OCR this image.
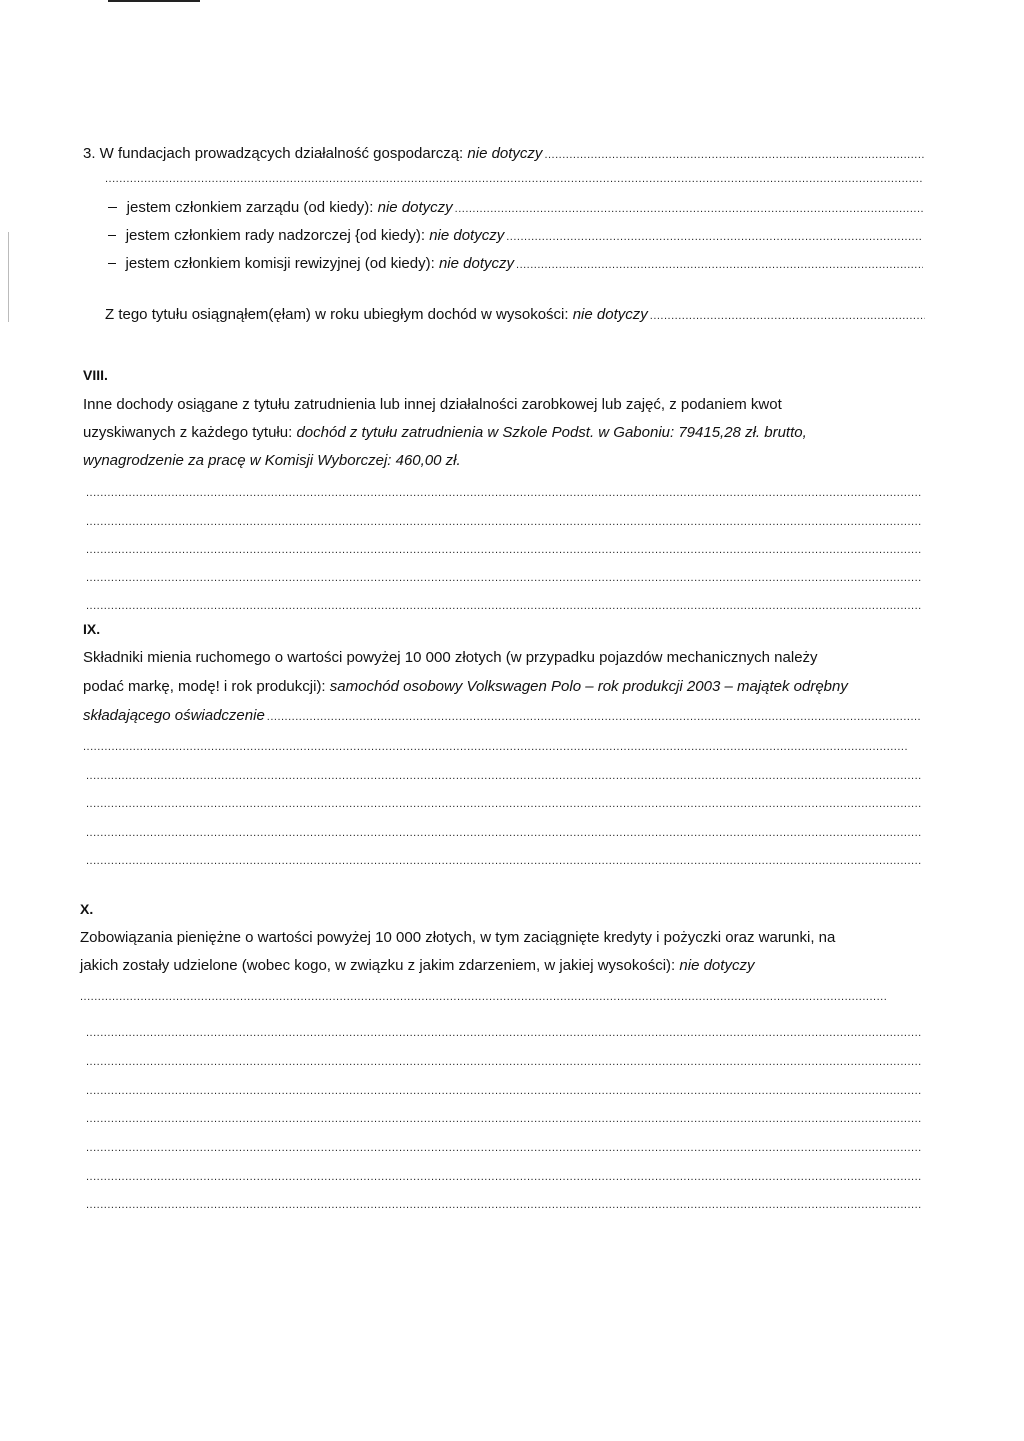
3. W fundacjach prowadzących działalność gospodarczą:
nie dotyczy
.....
.....
jestem członkiem zarządu (od kiedy):
nie dotyczy
.....
jestem członkiem rady nadzorczej {od kiedy):
nie dotyczy
.....
jestem członkiem komisji rewizyjnej (od kiedy):
nie dotyczy
.....
Z tego tytułu osiągnąłem(ęłam) w roku ubiegłym dochód w wysokości:
nie dotyczy
.....
VIII.
Inne dochody osiągane z tytułu zatrudnienia lub innej działalności zarobkowej lub zajęć, z podaniem kwot
uzyskiwanych z każdego tytułu: dochód z tytułu zatrudnienia w Szkole Podst. w Gaboniu: 79415,28 zł. brutto,
wynagrodzenie za pracę w Komisji Wyborczej: 460,00 zł.
.....
.....
.....
.....
.....
IX.
Składniki mienia ruchomego o wartości powyżej 10 000 złotych (w przypadku pojazdów mechanicznych należy
podać markę, modę! i rok produkcji): samochód osobowy Volkswagen Polo – rok produkcji 2003 – majątek odrębny
składającego oświadczenie
.....
.....
.....
.....
.....
.....
X.
Zobowiązania pieniężne o wartości powyżej 10 000 złotych, w tym zaciągnięte kredyty i pożyczki oraz warunki, na
jakich zostały udzielone (wobec kogo, w związku z jakim zdarzeniem, w jakiej wysokości): nie dotyczy
.....
.....
.....
.....
.....
.....
.....
.....
